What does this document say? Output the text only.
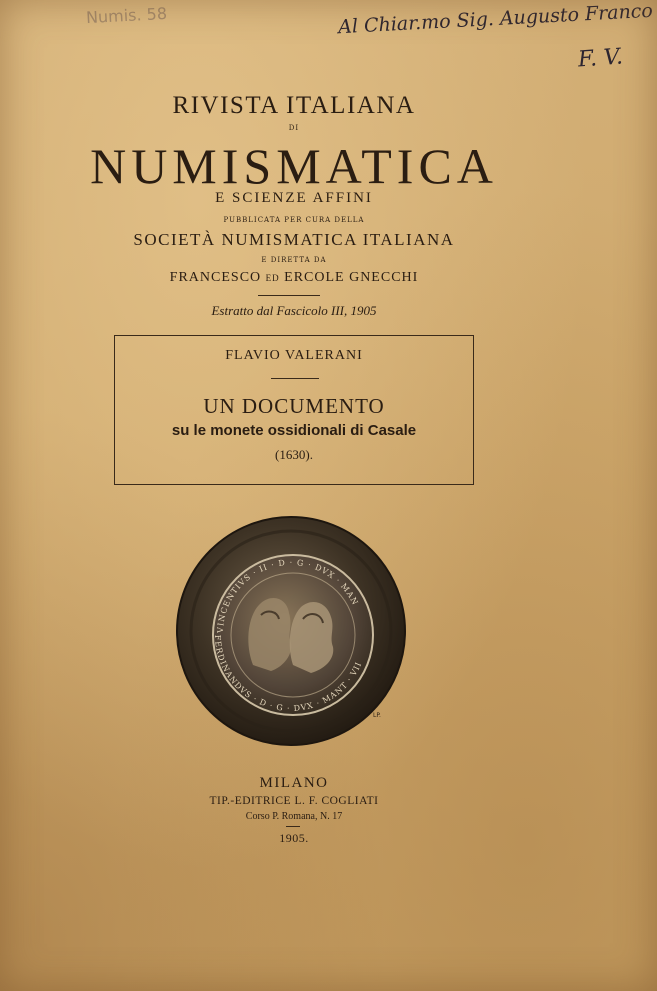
Numis. 58	Al Chiar.mo Sig. Augusto Franco
F. V.
RIVISTA ITALIANA
DI
NUMISMATICA
E SCIENZE AFFINI
PUBBLICATA PER CURA DELLA
SOCIETÀ NUMISMATICA ITALIANA
E DIRETTA DA
FRANCESCO ED ERCOLE GNECCHI
Estratto dal Fascicolo III, 1905
FLAVIO VALERANI
UN DOCUMENTO
su le monete ossidionali di Casale
(1630).
VINCENTIVS · II · D · G · DVX · MAN
FERDINANDVS · D · G · DVX · MANT · VII
LP.
MILANO
TIP.-EDITRICE L. F. COGLIATI
Corso P. Romana, N. 17
1905.
